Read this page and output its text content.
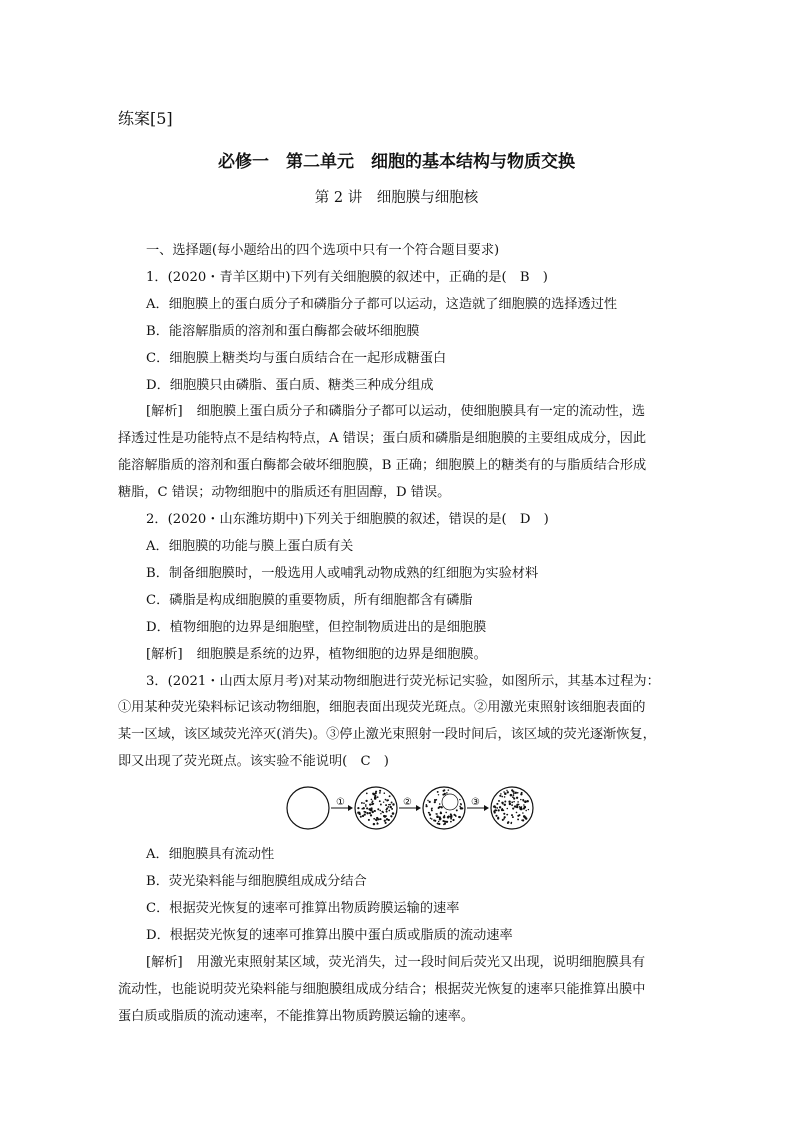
练案[5]
必修一　第二单元　细胞的基本结构与物质交换
第 2 讲　细胞膜与细胞核
一、选择题(每小题给出的四个选项中只有一个符合题目要求)
1．(2020・青羊区期中)下列有关细胞膜的叙述中，正确的是(　B　)
A．细胞膜上的蛋白质分子和磷脂分子都可以运动，这造就了细胞膜的选择透过性
B．能溶解脂质的溶剂和蛋白酶都会破坏细胞膜
C．细胞膜上糖类均与蛋白质结合在一起形成糖蛋白
D．细胞膜只由磷脂、蛋白质、糖类三种成分组成
[解析] 细胞膜上蛋白质分子和磷脂分子都可以运动，使细胞膜具有一定的流动性，选
择透过性是功能特点不是结构特点，A 错误；蛋白质和磷脂是细胞膜的主要组成成分，因此
能溶解脂质的溶剂和蛋白酶都会破坏细胞膜，B 正确；细胞膜上的糖类有的与脂质结合形成
糖脂，C 错误；动物细胞中的脂质还有胆固醇，D 错误。
2．(2020・山东潍坊期中)下列关于细胞膜的叙述，错误的是(　D　)
A．细胞膜的功能与膜上蛋白质有关
B．制备细胞膜时，一般选用人或哺乳动物成熟的红细胞为实验材料
C．磷脂是构成细胞膜的重要物质，所有细胞都含有磷脂
D．植物细胞的边界是细胞壁，但控制物质进出的是细胞膜
[解析] 细胞膜是系统的边界，植物细胞的边界是细胞膜。
3．(2021・山西太原月考)对某动物细胞进行荧光标记实验，如图所示，其基本过程为：
①用某种荧光染料标记该动物细胞，细胞表面出现荧光斑点。②用激光束照射该细胞表面的
某一区域，该区域荧光淬灭(消失)。③停止激光束照射一段时间后，该区域的荧光逐渐恢复，
即又出现了荧光斑点。该实验不能说明(　C　)
①	②	③
A．细胞膜具有流动性
B．荧光染料能与细胞膜组成成分结合
C．根据荧光恢复的速率可推算出物质跨膜运输的速率
D．根据荧光恢复的速率可推算出膜中蛋白质或脂质的流动速率
[解析] 用激光束照射某区域，荧光消失，过一段时间后荧光又出现，说明细胞膜具有
流动性，也能说明荧光染料能与细胞膜组成成分结合；根据荧光恢复的速率只能推算出膜中
蛋白质或脂质的流动速率，不能推算出物质跨膜运输的速率。
